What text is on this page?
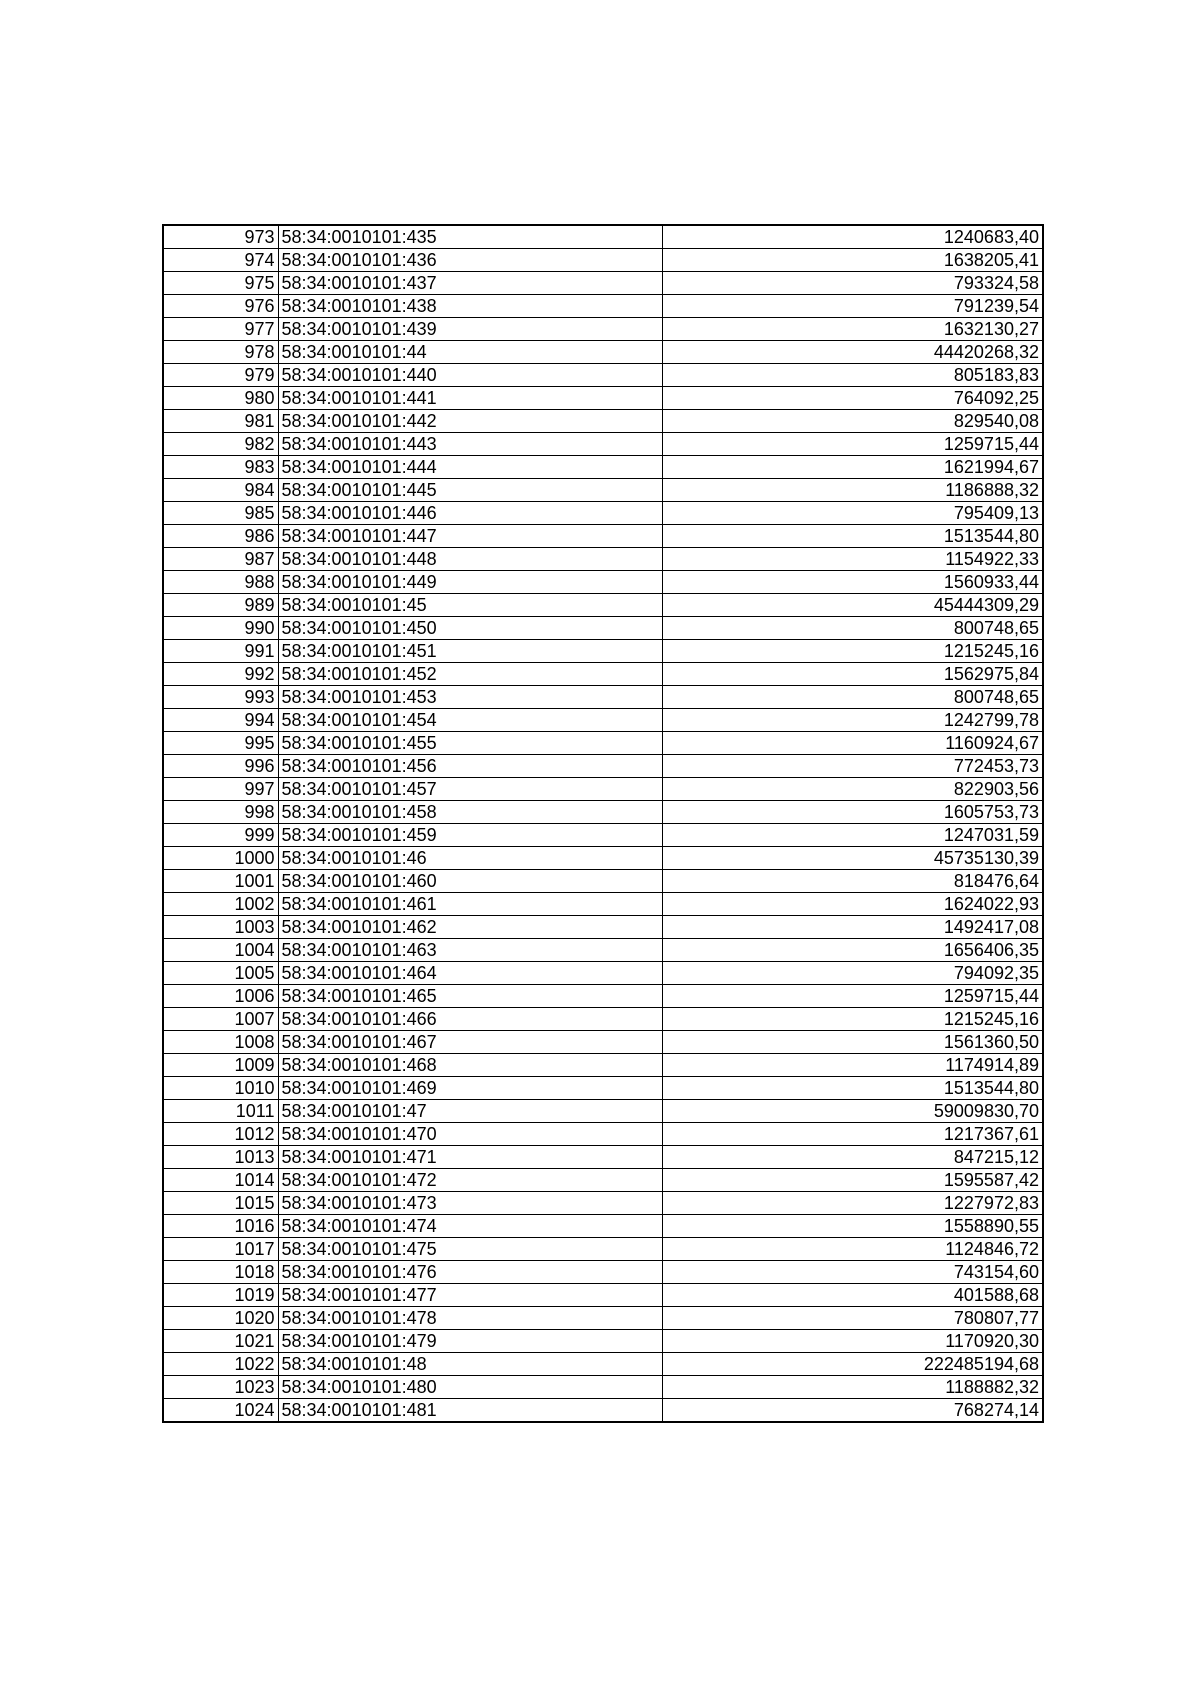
973	58:34:0010101:435	1240683,40
974	58:34:0010101:436	1638205,41
975	58:34:0010101:437	793324,58
976	58:34:0010101:438	791239,54
977	58:34:0010101:439	1632130,27
978	58:34:0010101:44	44420268,32
979	58:34:0010101:440	805183,83
980	58:34:0010101:441	764092,25
981	58:34:0010101:442	829540,08
982	58:34:0010101:443	1259715,44
983	58:34:0010101:444	1621994,67
984	58:34:0010101:445	1186888,32
985	58:34:0010101:446	795409,13
986	58:34:0010101:447	1513544,80
987	58:34:0010101:448	1154922,33
988	58:34:0010101:449	1560933,44
989	58:34:0010101:45	45444309,29
990	58:34:0010101:450	800748,65
991	58:34:0010101:451	1215245,16
992	58:34:0010101:452	1562975,84
993	58:34:0010101:453	800748,65
994	58:34:0010101:454	1242799,78
995	58:34:0010101:455	1160924,67
996	58:34:0010101:456	772453,73
997	58:34:0010101:457	822903,56
998	58:34:0010101:458	1605753,73
999	58:34:0010101:459	1247031,59
1000	58:34:0010101:46	45735130,39
1001	58:34:0010101:460	818476,64
1002	58:34:0010101:461	1624022,93
1003	58:34:0010101:462	1492417,08
1004	58:34:0010101:463	1656406,35
1005	58:34:0010101:464	794092,35
1006	58:34:0010101:465	1259715,44
1007	58:34:0010101:466	1215245,16
1008	58:34:0010101:467	1561360,50
1009	58:34:0010101:468	1174914,89
1010	58:34:0010101:469	1513544,80
1011	58:34:0010101:47	59009830,70
1012	58:34:0010101:470	1217367,61
1013	58:34:0010101:471	847215,12
1014	58:34:0010101:472	1595587,42
1015	58:34:0010101:473	1227972,83
1016	58:34:0010101:474	1558890,55
1017	58:34:0010101:475	1124846,72
1018	58:34:0010101:476	743154,60
1019	58:34:0010101:477	401588,68
1020	58:34:0010101:478	780807,77
1021	58:34:0010101:479	1170920,30
1022	58:34:0010101:48	222485194,68
1023	58:34:0010101:480	1188882,32
1024	58:34:0010101:481	768274,14
